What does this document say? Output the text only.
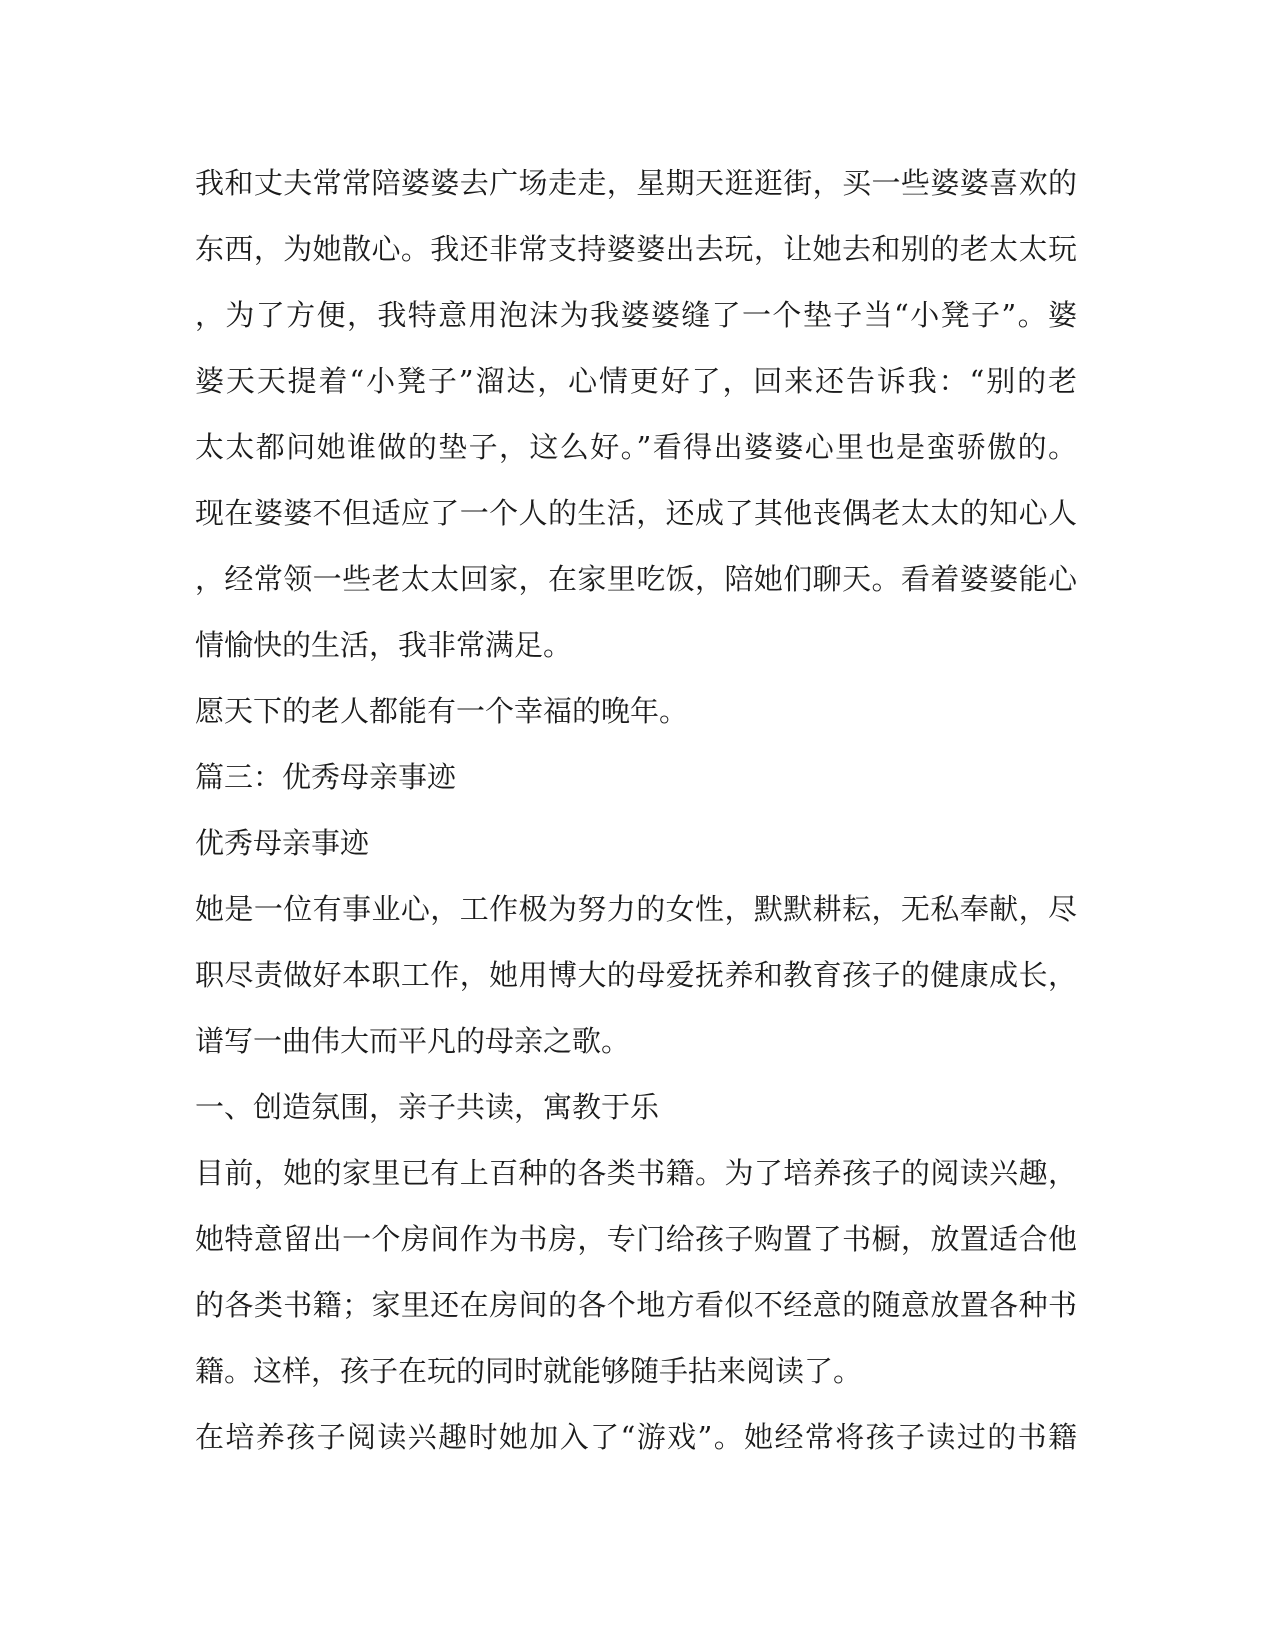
我和丈夫常常陪婆婆去广场走走，星期天逛逛街，买一些婆婆喜欢的
东西，为她散心。我还非常支持婆婆出去玩，让她去和别的老太太玩
，为了方便，我特意用泡沫为我婆婆缝了一个垫子当“小凳子”。婆
婆天天提着“小凳子”溜达，心情更好了，回来还告诉我：“别的老
太太都问她谁做的垫子，这么好。”看得出婆婆心里也是蛮骄傲的。
现在婆婆不但适应了一个人的生活，还成了其他丧偶老太太的知心人
，经常领一些老太太回家，在家里吃饭，陪她们聊天。看着婆婆能心
情愉快的生活，我非常满足。
愿天下的老人都能有一个幸福的晚年。
篇三：优秀母亲事迹
优秀母亲事迹
她是一位有事业心，工作极为努力的女性，默默耕耘，无私奉献，尽
职尽责做好本职工作，她用博大的母爱抚养和教育孩子的健康成长，
谱写一曲伟大而平凡的母亲之歌。
一、创造氛围，亲子共读，寓教于乐
目前，她的家里已有上百种的各类书籍。为了培养孩子的阅读兴趣，
她特意留出一个房间作为书房，专门给孩子购置了书橱，放置适合他
的各类书籍；家里还在房间的各个地方看似不经意的随意放置各种书
籍。这样，孩子在玩的同时就能够随手拈来阅读了。
在培养孩子阅读兴趣时她加入了“游戏”。她经常将孩子读过的书籍
